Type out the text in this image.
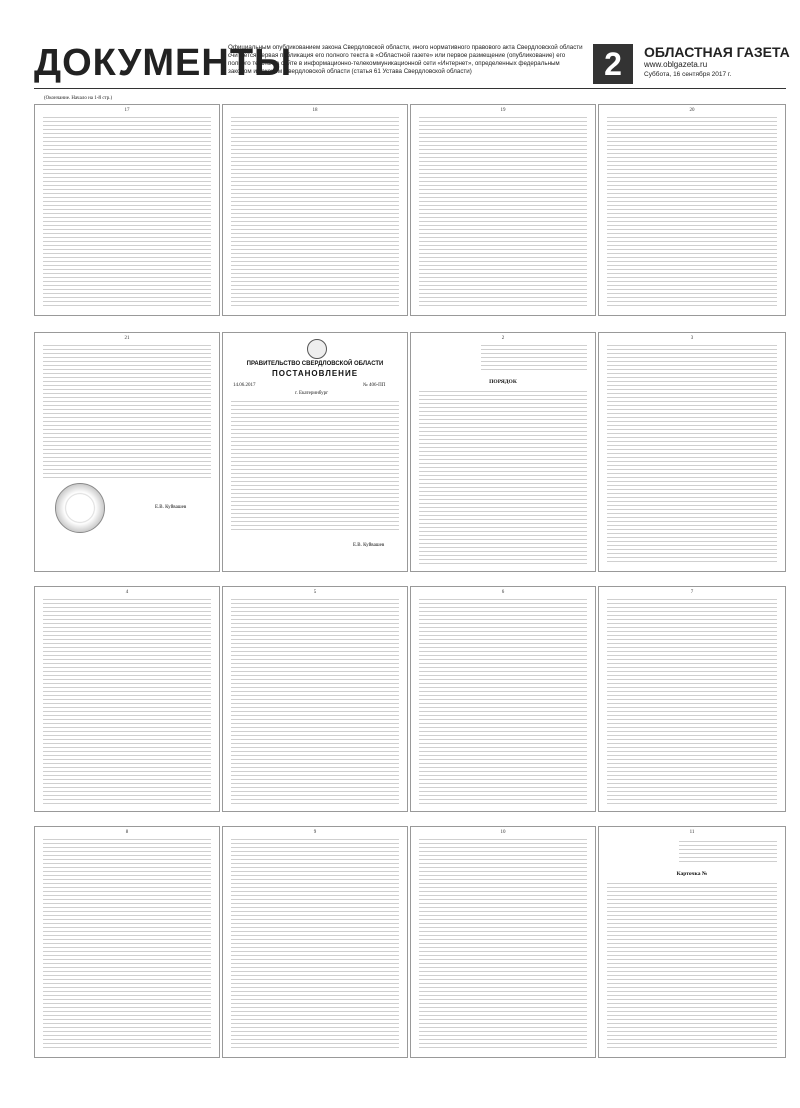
ДОКУМЕНТЫ
Официальным опубликованием закона Свердловской области, иного нормативного правового акта Свердловской области считается первая публикация его полного текста в «Областной газете» или первое размещение (опубликование) его полного текста на сайте в информационно-телекоммуникационной сети «Интернет», определенных федеральным законом и законом Свердловской области (статья 61 Устава Свердловской области)	2	ОБЛАСТНАЯ ГАЗЕТА
www.oblgazeta.ru
Суббота, 16 сентября 2017 г.
(Окончание. Начало на 1-й стр.)
17	18	19	20
21
Е.В. Куйвашев
ПРАВИТЕЛЬСТВО СВЕРДЛОВСКОЙ ОБЛАСТИ
ПОСТАНОВЛЕНИЕ
14.06.2017	№ 406-ПП
г. Екатеринбург
Е.В. Куйвашев
2
ПОРЯДОК
3
4	5	6	7
8	9	10	11
Карточка №
